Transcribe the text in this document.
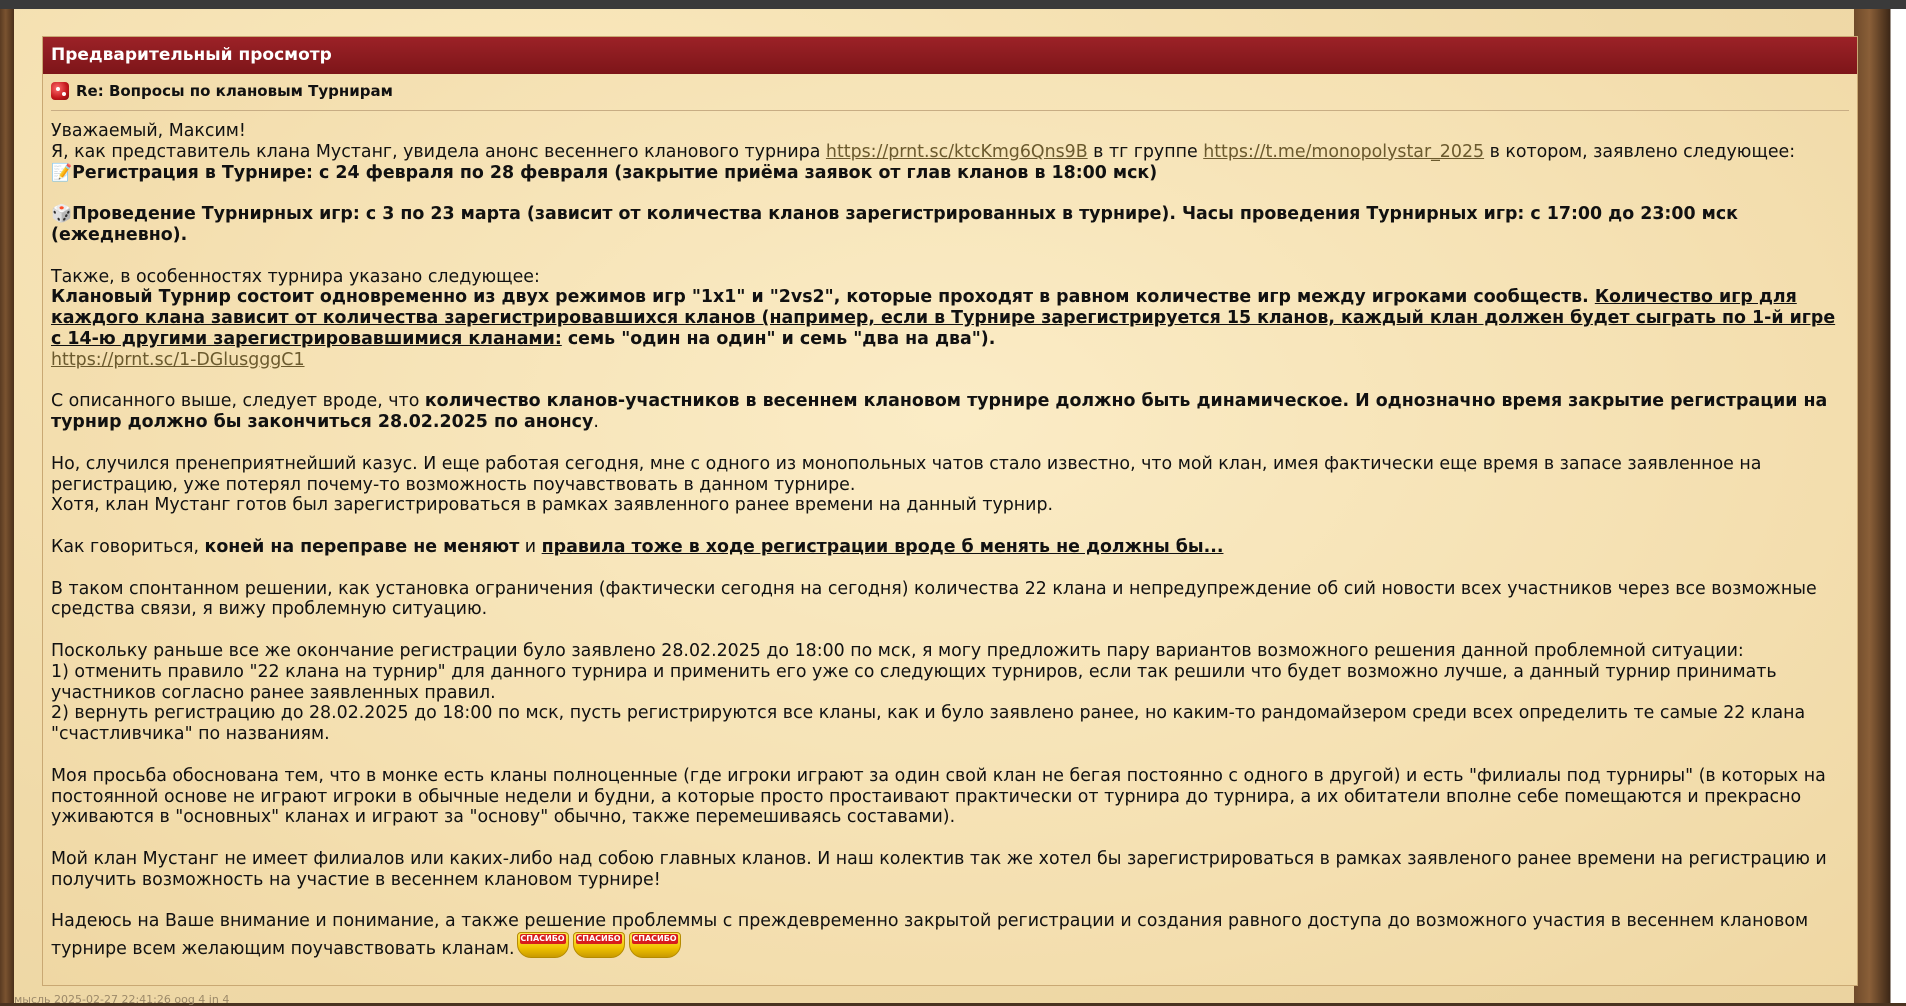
Предварительный просмотр
Re: Вопросы по клановым Турнирам

Уважаемый, Максим!

Я, как представитель клана Мустанг, увидела анонс весеннего кланового турнира https://prnt.sc/ktcKmg6Qns9B в тг группе https://t.me/monopolystar_2025 в котором, заявлено следующее:

📝Регистрация в Турнире: с 24 февраля по 28 февраля (закрытие приёма заявок от глав кланов в 18:00 мск)

🎲Проведение Турнирных игр: с 3 по 23 марта (зависит от количества кланов зарегистрированных в турнире). Часы проведения Турнирных игр: с 17:00 до 23:00 мск (ежедневно).

Также, в особенностях турнира указано следующее:

Клановый Турнир состоит одновременно из двух режимов игр "1х1" и "2vs2", которые проходят в равном количестве игр между игроками сообществ. Количество игр для каждого клана зависит от количества зарегистрировавшихся кланов (например, если в Турнире зарегистрируется 15 кланов, каждый клан должен будет сыграть по 1-й игре с 14-ю другими зарегистрировавшимися кланами: семь "один на один" и семь "два на два").

https://prnt.sc/1-DGlusgggC1

С описанного выше, следует вроде, что количество кланов-участников в весеннем клановом турнире должно быть динамическое. И однозначно время закрытие регистрации на турнир должно бы закончиться 28.02.2025 по анонсу.

Но, случился пренеприятнейший казус. И еще работая сегодня, мне с одного из монопольных чатов стало известно, что мой клан, имея фактически еще время в запасе заявленное на регистрацию, уже потерял почему-то возможность поучавствовать в данном турнире.

Хотя, клан Мустанг готов был зарегистрироваться в рамках заявленного ранее времени на данный турнир.

Как говориться, коней на переправе не меняют и правила тоже в ходе регистрации вроде б менять не должны бы...

В таком спонтанном решении, как установка ограничения (фактически сегодня на сегодня) количества 22 клана и непредупреждение об сий новости всех участников через все возможные средства связи, я вижу проблемную ситуацию.

Поскольку раньше все же окончание регистрации було заявлено 28.02.2025 до 18:00 по мск, я могу предложить пару вариантов возможного решения данной проблемной ситуации:

1) отменить правило "22 клана на турнир" для данного турнира и применить его уже со следующих турниров, если так решили что будет возможно лучше, а данный турнир принимать участников согласно ранее заявленных правил.

2) вернуть регистрацию до 28.02.2025 до 18:00 по мск, пусть регистрируются все кланы, как и було заявлено ранее, но каким-то рандомайзером среди всех определить те самые 22 клана "счастливчика" по названиям.

Моя просьба обоснована тем, что в монке есть кланы полноценные (где игроки играют за один свой клан не бегая постоянно с одного в другой) и есть "филиалы под турниры" (в которых на постоянной основе не играют игроки в обычные недели и будни, а которые просто простаивают практически от турнира до турнира, а их обитатели вполне себе помещаются и прекрасно уживаются в "основных" кланах и играют за "основу" обычно, также перемешиваясь составами).

Мой клан Мустанг не имеет филиалов или каких-либо над собою главных кланов. И наш колектив так же хотел бы зарегистрироваться в рамках заявленого ранее времени на регистрацию и получить возможность на участие в весеннем клановом турнире!

Надеюсь на Ваше внимание и понимание, а также решение проблеммы с преждевременно закрытой регистрации и создания равного доступа до возможного участия в весеннем клановом турнире всем желающим поучавствовать кланам.
СПАСИБО СПАСИБО СПАСИБО

мысль 2025-02-27 22:41:26 oog 4 in 4
